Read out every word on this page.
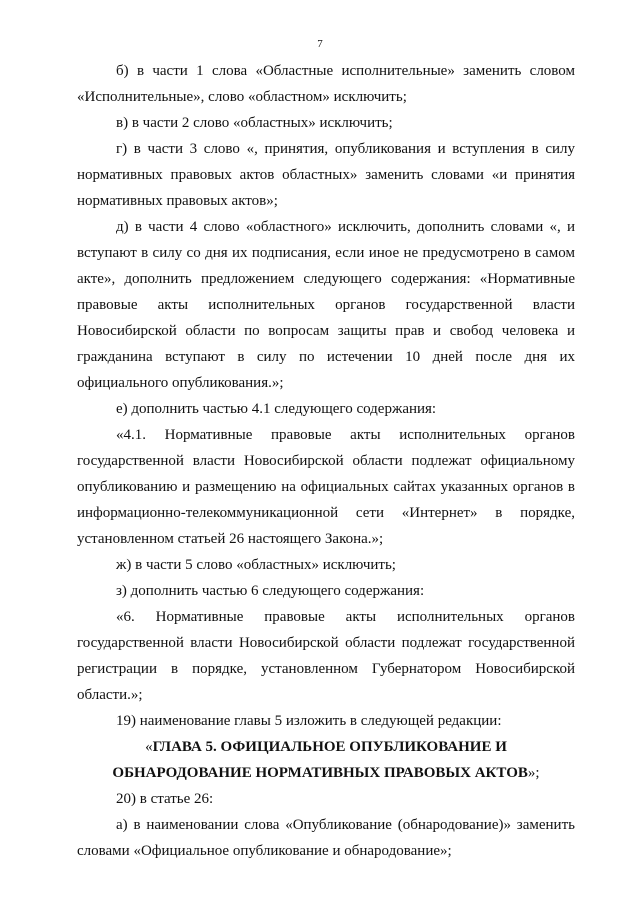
7

б) в части 1 слова «Областные исполнительные» заменить словом «Исполнительные», слово «областном» исключить;

в) в части 2 слово «областных» исключить;

г) в части 3 слово «, принятия, опубликования и вступления в силу нормативных правовых актов областных» заменить словами «и принятия нормативных правовых актов»;

д) в части 4 слово «областного» исключить, дополнить словами «, и вступают в силу со дня их подписания, если иное не предусмотрено в самом акте», дополнить предложением следующего содержания: «Нормативные правовые акты исполнительных органов государственной власти Новосибирской области по вопросам защиты прав и свобод человека и гражданина вступают в силу по истечении 10 дней после дня их официального опубликования.»;

е) дополнить частью 4.1 следующего содержания:

«4.1. Нормативные правовые акты исполнительных органов государственной власти Новосибирской области подлежат официальному опубликованию и размещению на официальных сайтах указанных органов в информационно-телекоммуникационной сети «Интернет» в порядке, установленном статьей 26 настоящего Закона.»;

ж) в части 5 слово «областных» исключить;

з) дополнить частью 6 следующего содержания:

«6. Нормативные правовые акты исполнительных органов государственной власти Новосибирской области подлежат государственной регистрации в порядке, установленном Губернатором Новосибирской области.»;

19) наименование главы 5 изложить в следующей редакции:

«ГЛАВА 5. ОФИЦИАЛЬНОЕ ОПУБЛИКОВАНИЕ И ОБНАРОДОВАНИЕ НОРМАТИВНЫХ ПРАВОВЫХ АКТОВ»;

20) в статье 26:

а) в наименовании слова «Опубликование (обнародование)» заменить словами «Официальное опубликование и обнародование»;
